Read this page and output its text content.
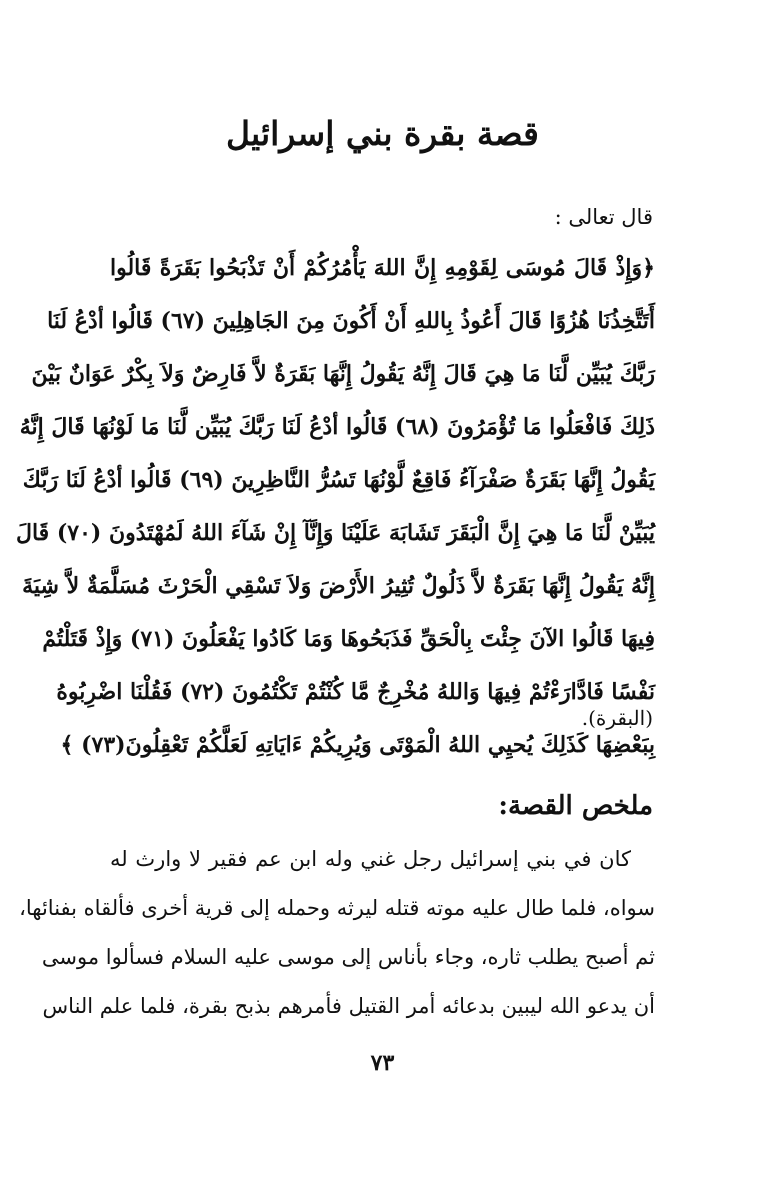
قصة بقرة بني إسرائيل
قال تعالى :
﴿وَإِذْ قَالَ مُوسَى لِقَوْمِهِ إِنَّ اللهَ يَأْمُرُكُمْ أَنْ تَذْبَحُوا بَقَرَةً قَالُوا
أَتَتَّخِذُنَا هُزُوًا قَالَ أَعُوذُ بِاللهِ أَنْ أَكُونَ مِنَ الجَاهِلِينَ (٦٧) قَالُوا أدْعُ لَنَا
رَبَّكَ يُبَيِّن لَّنَا مَا هِيَ قَالَ إِنَّهُ يَقُولُ إِنَّهَا بَقَرَةٌ لاَّ فَارِضٌ وَلاَ بِكْرٌ عَوَانٌ بَيْنَ
ذَلِكَ فَافْعَلُوا مَا تُؤْمَرُونَ (٦٨) قَالُوا أدْعُ لَنَا رَبَّكَ يُبَيِّن لَّنَا مَا لَوْنُهَا قَالَ إِنَّهُ
يَقُولُ إِنَّهَا بَقَرَةٌ صَفْرَآءُ فَاقِعٌ لَّوْنُهَا تَسُرُّ النَّاظِرِينَ (٦٩) قَالُوا أدْعُ لَنَا رَبَّكَ
يُبَيِّنْ لَّنَا مَا هِيَ إِنَّ الْبَقَرَ تَشَابَهَ عَلَيْنَا وَإِنَّآ إِنْ شَآءَ اللهُ لَمُهْتَدُونَ (٧٠) قَالَ
إِنَّهُ يَقُولُ إِنَّهَا بَقَرَةٌ لاَّ ذَلُولٌ تُثِيرُ الأَرْضَ وَلاَ تَسْقِي الْحَرْثَ مُسَلَّمَةٌ لاَّ شِيَةَ
فِيهَا قَالُوا الآنَ جِئْتَ بِالْحَقِّ فَذَبَحُوهَا وَمَا كَادُوا يَفْعَلُونَ (٧١) وَإِذْ قَتَلْتُمْ
نَفْسًا فَادَّارَءْتُمْ فِيهَا وَاللهُ مُخْرِجٌ مَّا كُنْتُمْ تَكْتُمُونَ (٧٢) فَقُلْنَا اضْرِبُوهُ
بِبَعْضِهَا كَذَلِكَ يُحيِي اللهُ الْمَوْتَى وَيُرِيكُمْ ءَايَاتِهِ لَعَلَّكُمْ تَعْقِلُونَ(٧٣) ﴾
(البقرة).
ملخص القصة:
كان في بني إسرائيل رجل غني وله ابن عم فقير لا وارث له
سواه، فلما طال عليه موته قتله ليرثه وحمله إلى قرية أخرى فألقاه بفنائها،
ثم أصبح يطلب ثاره، وجاء بأناس إلى موسى عليه السلام فسألوا موسى
أن يدعو الله ليبين بدعائه أمر القتيل فأمرهم بذبح بقرة، فلما علم الناس
٧٣
